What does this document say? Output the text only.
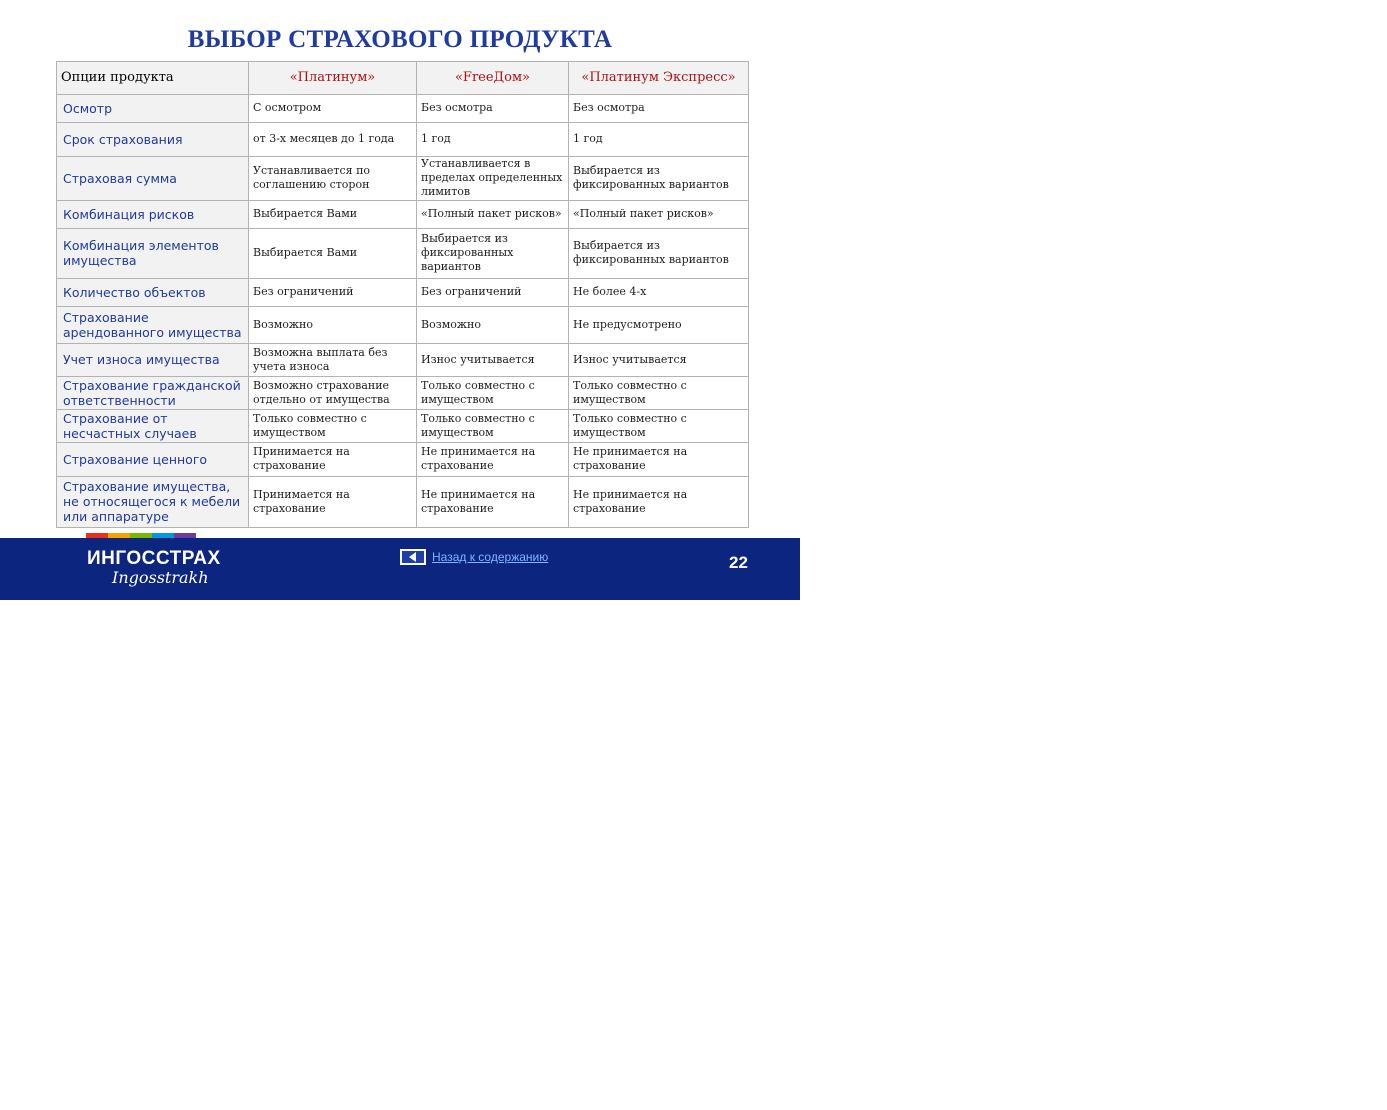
ВЫБОР СТРАХОВОГО ПРОДУКТА
Опции продукта	«Платинум»	«FreeДом»	«Платинум Экспресс»
Осмотр	С осмотром	Без осмотра	Без осмотра
Срок страхования	от 3-х месяцев до 1 года	1 год	1 год
Страховая сумма	Устанавливается по соглашению сторон	Устанавливается в пределах определенных лимитов	Выбирается из фиксированных вариантов
Комбинация рисков	Выбирается Вами	«Полный пакет рисков»	«Полный пакет рисков»
Комбинация элементов имущества	Выбирается Вами	Выбирается из фиксированных вариантов	Выбирается из фиксированных вариантов
Количество объектов	Без ограничений	Без ограничений	Не более 4-х
Страхование арендованного имущества	Возможно	Возможно	Не предусмотрено
Учет износа имущества	Возможна выплата без учета износа	Износ учитывается	Износ учитывается
Страхование гражданской ответственности	Возможно страхование отдельно от имущества	Только совместно с имуществом	Только совместно с имуществом
Страхование от несчастных случаев	Только совместно с имуществом	Только совместно с имуществом	Только совместно с имуществом
Страхование ценного	Принимается на страхование	Не принимается на страхование	Не принимается на страхование
Страхование имущества, не относящегося к мебели или аппаратуре	Принимается на страхование	Не принимается на страхование	Не принимается на страхование
ИНГОССТРАХ
Ingosstrakh
Назад к содержанию
MyShared
22
